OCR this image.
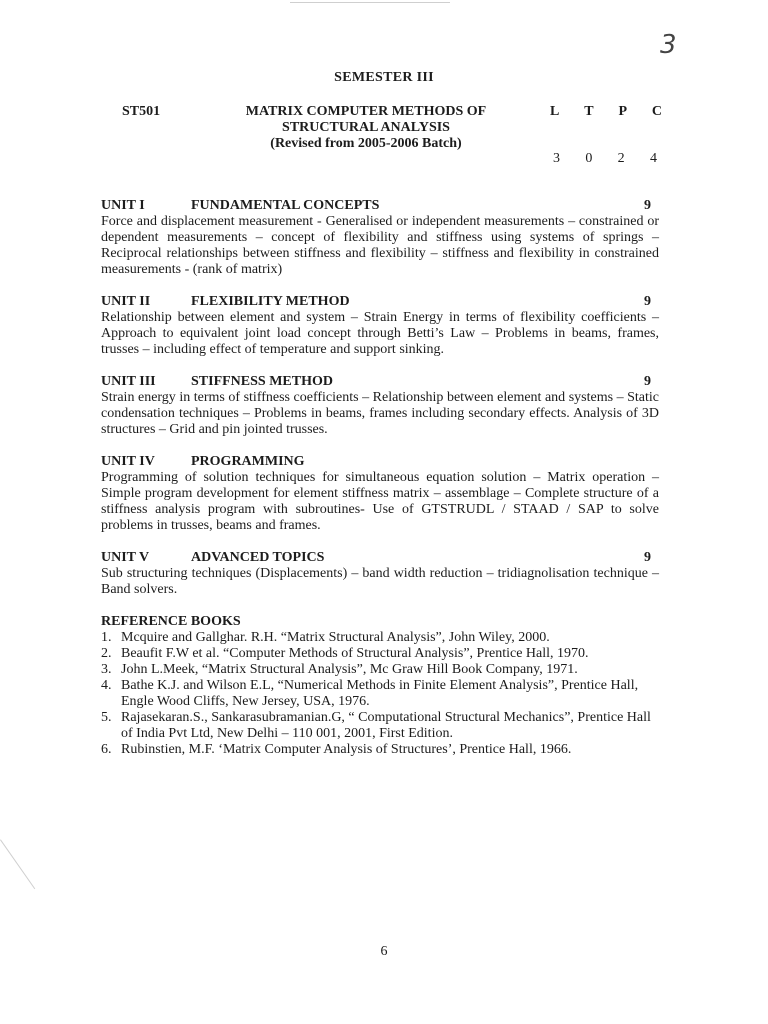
3
SEMESTER III
ST501	MATRIX COMPUTER METHODS OF
STRUCTURAL ANALYSIS
(Revised from 2005-2006 Batch)
L T P C
3 0 2 4
UNIT I	FUNDAMENTAL CONCEPTS	9
Force and displacement measurement - Generalised or independent measurements – constrained or dependent measurements – concept of flexibility and stiffness using systems of springs – Reciprocal relationships between stiffness and flexibility – stiffness and flexibility in constrained measurements - (rank of matrix)
UNIT II	FLEXIBILITY METHOD	9
Relationship between element and system – Strain Energy in terms of flexibility coefficients – Approach to equivalent joint load concept through Betti’s Law – Problems in beams, frames, trusses – including effect of temperature and support sinking.
UNIT III	STIFFNESS METHOD	9
Strain energy in terms of stiffness coefficients – Relationship between element and systems – Static condensation techniques – Problems in beams, frames including secondary effects. Analysis of 3D structures – Grid and pin jointed trusses.
UNIT IV	PROGRAMMING
Programming of solution techniques for simultaneous equation solution – Matrix operation – Simple program development for element stiffness matrix – assemblage – Complete structure of a stiffness analysis program with subroutines- Use of GTSTRUDL / STAAD / SAP to solve problems in trusses, beams and frames.
UNIT V	ADVANCED TOPICS	9
Sub structuring techniques (Displacements) – band width reduction – tridiagnolisation technique – Band solvers.
REFERENCE BOOKS
1. Mcquire and Gallghar. R.H. “Matrix Structural Analysis”, John Wiley, 2000.
2. Beaufit F.W et al. “Computer Methods of Structural Analysis”, Prentice Hall, 1970.
3. John L.Meek, “Matrix Structural Analysis”, Mc Graw Hill Book Company, 1971.
4. Bathe K.J. and Wilson E.L, “Numerical Methods in Finite Element Analysis”, Prentice Hall, Engle Wood Cliffs, New Jersey, USA, 1976.
5. Rajasekaran.S., Sankarasubramanian.G, “ Computational Structural Mechanics”, Prentice Hall of India Pvt Ltd, New Delhi – 110 001, 2001, First Edition.
6. Rubinstien, M.F. ‘Matrix Computer Analysis of Structures’, Prentice Hall, 1966.
6
